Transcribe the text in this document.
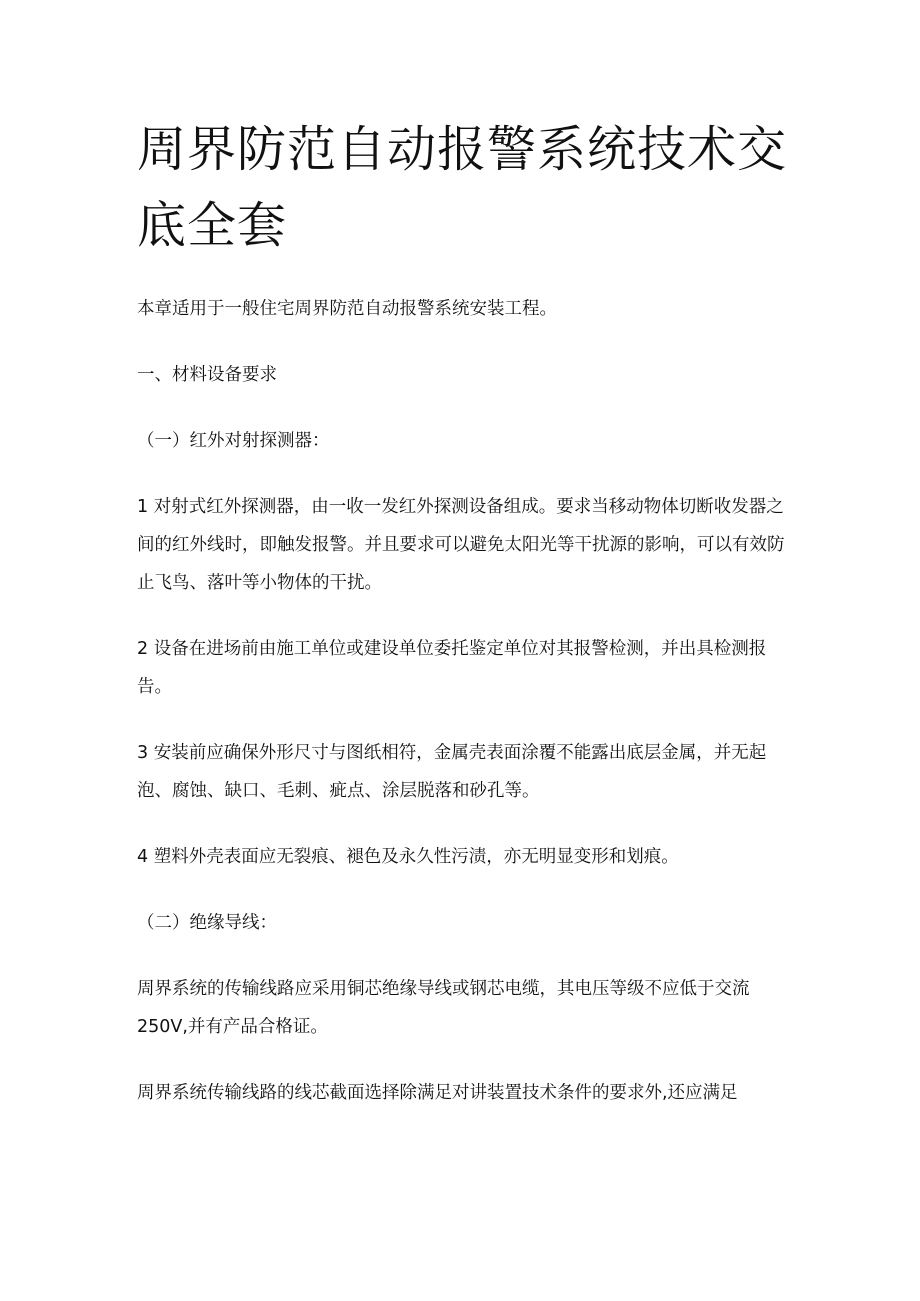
周界防范自动报警系统技术交底全套

本章适用于一般住宅周界防范自动报警系统安装工程。

一、材料设备要求

（一）红外对射探测器：

1 对射式红外探测器，由一收一发红外探测设备组成。要求当移动物体切断收发器之间的红外线时，即触发报警。并且要求可以避免太阳光等干扰源的影响，可以有效防止飞鸟、落叶等小物体的干扰。

2 设备在进场前由施工单位或建设单位委托鉴定单位对其报警检测，并出具检测报告。

3 安装前应确保外形尺寸与图纸相符，金属壳表面涂覆不能露出底层金属，并无起泡、腐蚀、缺口、毛刺、疵点、涂层脱落和砂孔等。

4 塑料外壳表面应无裂痕、褪色及永久性污渍，亦无明显变形和划痕。

（二）绝缘导线：

周界系统的传输线路应采用铜芯绝缘导线或钢芯电缆，其电压等级不应低于交流250V,并有产品合格证。

周界系统传输线路的线芯截面选择除满足对讲装置技术条件的要求外,还应满足
